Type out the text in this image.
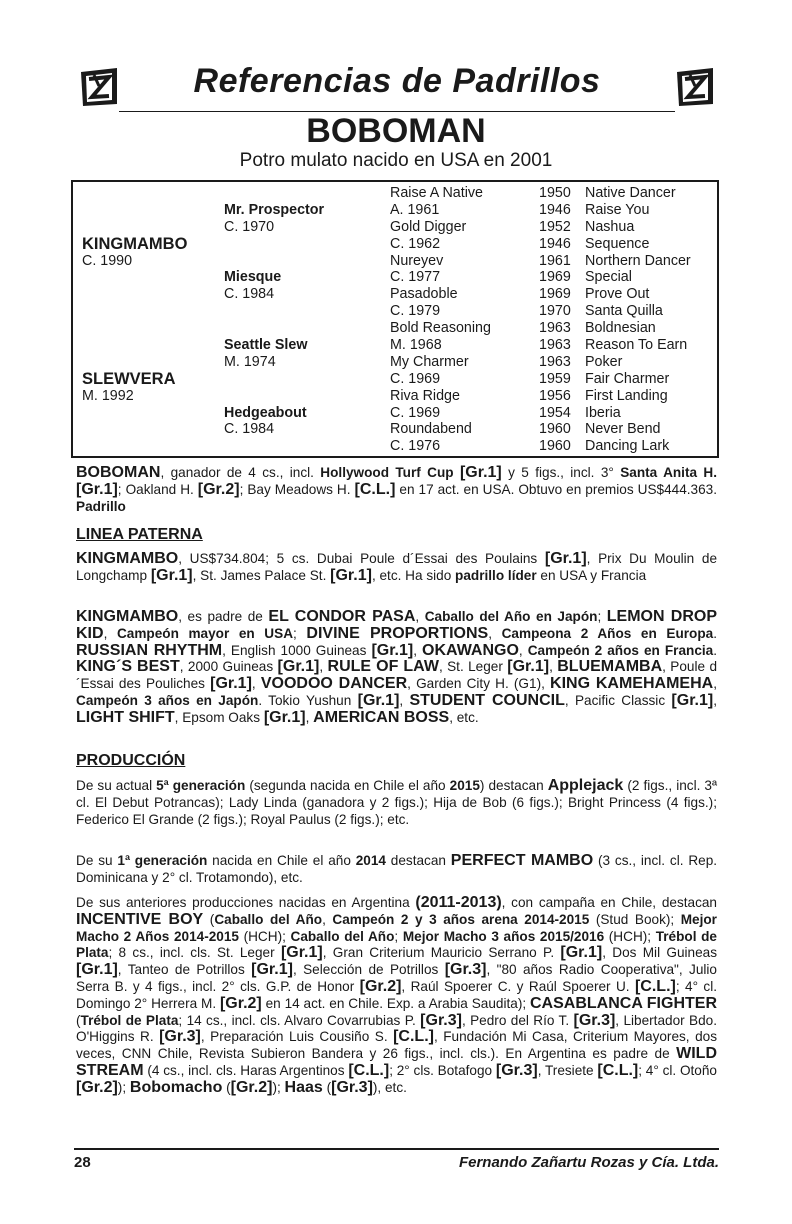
Referencias de Padrillos
BOBOMAN
Potro mulato nacido en USA en 2001
KINGMAMBO
C. 1990
SLEWVERA
M. 1992
Mr. Prospector
C. 1970
Miesque
C. 1984
Seattle Slew
M. 1974
Hedgeabout
C. 1984
Raise A Native
A. 1961
Gold Digger
C. 1962
Nureyev
C. 1977
Pasadoble
C. 1979
Bold Reasoning
M. 1968
My Charmer
C. 1969
Riva Ridge
C. 1969
Roundabend
C. 1976
1950 Native Dancer
1946 Raise You
1952 Nashua
1946 Sequence
1961 Northern Dancer
1969 Special
1969 Prove Out
1970 Santa Quilla
1963 Boldnesian
1963 Reason To Earn
1963 Poker
1959 Fair Charmer
1956 First Landing
1954 Iberia
1960 Never Bend
1960 Dancing Lark
BOBOMAN, ganador de 4 cs., incl. Hollywood Turf Cup [Gr.1] y 5 figs., incl. 3° Santa Anita H. [Gr.1]; Oakland H. [Gr.2]; Bay Meadows H. [C.L.] en 17 act. en USA. Obtuvo en premios US$444.363. Padrillo
LINEA PATERNA
KINGMAMBO, US$734.804; 5 cs. Dubai Poule d´Essai des Poulains [Gr.1], Prix Du Moulin de Longchamp [Gr.1], St. James Palace St. [Gr.1], etc. Ha sido padrillo líder en USA y Francia
KINGMAMBO, es padre de EL CONDOR PASA, Caballo del Año en Japón; LEMON DROP KID, Campeón mayor en USA; DIVINE PROPORTIONS, Campeona 2 Años en Europa. RUSSIAN RHYTHM, English 1000 Guineas [Gr.1], OKAWANGO, Campeón 2 años en Francia. KING´S BEST, 2000 Guineas [Gr.1], RULE OF LAW, St. Leger [Gr.1], BLUEMAMBA, Poule d´Essai des Pouliches [Gr.1], VOODOO DANCER, Garden City H. (G1), KING KAMEHAMEHA, Campeón 3 años en Japón. Tokio Yushun [Gr.1], STUDENT COUNCIL, Pacific Classic [Gr.1], LIGHT SHIFT, Epsom Oaks [Gr.1], AMERICAN BOSS, etc.
PRODUCCIÓN
De su actual 5ª generación (segunda nacida en Chile el año 2015) destacan Applejack (2 figs., incl. 3ª cl. El Debut Potrancas); Lady Linda (ganadora y 2 figs.); Hija de Bob (6 figs.); Bright Princess (4 figs.); Federico El Grande (2 figs.); Royal Paulus (2 figs.); etc.
De su 1ª generación nacida en Chile el año 2014 destacan PERFECT MAMBO (3 cs., incl. cl. Rep. Dominicana y 2° cl. Trotamondo), etc.
De sus anteriores producciones nacidas en Argentina (2011-2013), con campaña en Chile, destacan INCENTIVE BOY (Caballo del Año, Campeón 2 y 3 años arena 2014-2015 (Stud Book); Mejor Macho 2 Años 2014-2015 (HCH); Caballo del Año; Mejor Macho 3 años 2015/2016 (HCH); Trébol de Plata; 8 cs., incl. cls. St. Leger [Gr.1], Gran Criterium Mauricio Serrano P. [Gr.1], Dos Mil Guineas [Gr.1], Tanteo de Potrillos [Gr.1], Selección de Potrillos [Gr.3], "80 años Radio Cooperativa", Julio Serra B. y 4 figs., incl. 2° cls. G.P. de Honor [Gr.2], Raúl Spoerer C. y Raúl Spoerer U. [C.L.]; 4° cl. Domingo 2° Herrera M. [Gr.2] en 14 act. en Chile. Exp. a Arabia Saudita); CASABLANCA FIGHTER (Trébol de Plata; 14 cs., incl. cls. Alvaro Covarrubias P. [Gr.3], Pedro del Río T. [Gr.3], Libertador Bdo. O'Higgins R. [Gr.3], Preparación Luis Cousiño S. [C.L.], Fundación Mi Casa, Criterium Mayores, dos veces, CNN Chile, Revista Subieron Bandera y 26 figs., incl. cls.). En Argentina es padre de WILD STREAM (4 cs., incl. cls. Haras Argentinos [C.L.]; 2° cls. Botafogo [Gr.3], Tresiete [C.L.]; 4° cl. Otoño [Gr.2]); Bobomacho ([Gr.2]); Haas ([Gr.3]), etc.
28	Fernando Zañartu Rozas y Cía. Ltda.
